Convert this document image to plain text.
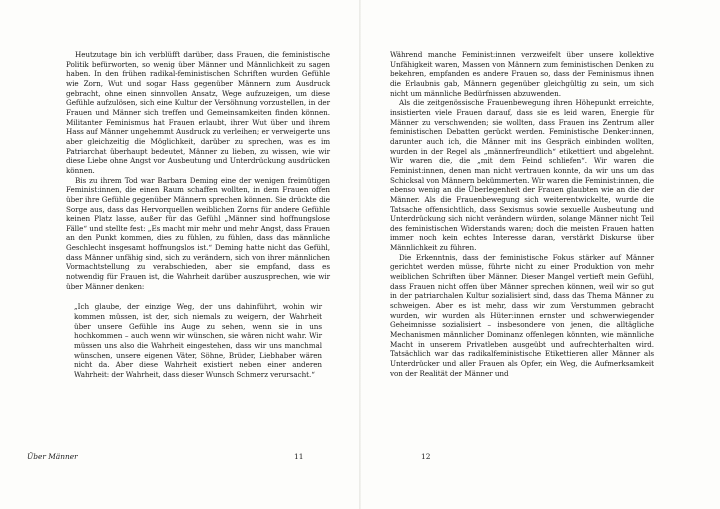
Heutzutage bin ich verblüfft darüber, dass Frauen, die feministische Politik befürworten, so wenig über Männer und Männlichkeit zu sagen haben. In den frühen radikal-feministischen Schriften wurden Gefühle wie Zorn, Wut und sogar Hass gegenüber Männern zum Ausdruck gebracht, ohne einen sinnvollen Ansatz, Wege aufzuzeigen, um diese Gefühle aufzulösen, sich eine Kultur der Versöhnung vorzustellen, in der Frauen und Männer sich treffen und Gemeinsamkeiten finden können. Militanter Feminismus hat Frauen erlaubt, ihrer Wut über und ihrem Hass auf Männer ungehemmt Ausdruck zu verleihen; er verweigerte uns aber gleichzeitig die Möglichkeit, darüber zu sprechen, was es im Patriarchat überhaupt bedeutet, Männer zu lieben, zu wissen, wie wir diese Liebe ohne Angst vor Ausbeutung und Unterdrückung ausdrücken können.

Bis zu ihrem Tod war Barbara Deming eine der wenigen freimütigen Feminist:innen, die einen Raum schaffen wollten, in dem Frauen offen über ihre Gefühle gegenüber Männern sprechen können. Sie drückte die Sorge aus, dass das Hervorquellen weiblichen Zorns für andere Gefühle keinen Platz lasse, außer für das Gefühl „Männer sind hoffnungslose Fälle“ und stellte fest: „Es macht mir mehr und mehr Angst, dass Frauen an den Punkt kommen, dies zu fühlen, zu fühlen, dass das männliche Geschlecht insgesamt hoffnungslos ist.“ Deming hatte nicht das Gefühl, dass Männer unfähig sind, sich zu verändern, sich von ihrer männlichen Vormachtstellung zu verabschieden, aber sie empfand, dass es notwendig für Frauen ist, die Wahrheit darüber auszusprechen, wie wir über Männer denken:

„Ich glaube, der einzige Weg, der uns dahinführt, wohin wir kommen müssen, ist der, sich niemals zu weigern, der Wahrheit über unsere Gefühle ins Auge zu sehen, wenn sie in uns hochkommen – auch wenn wir wünschen, sie wären nicht wahr. Wir müssen uns also die Wahrheit eingestehen, dass wir uns manchmal wünschen, unsere eigenen Väter, Söhne, Brüder, Liebhaber wären nicht da. Aber diese Wahrheit existiert neben einer anderen Wahrheit: der Wahrheit, dass dieser Wunsch Schmerz verursacht.“

Über Männer	11

Während manche Feminist:innen verzweifelt über unsere kollektive Unfähigkeit waren, Massen von Männern zum feministischen Denken zu bekehren, empfanden es andere Frauen so, dass der Feminismus ihnen die Erlaubnis gab, Männern gegenüber gleichgültig zu sein, um sich nicht um männliche Bedürfnissen abzuwenden.

Als die zeitgenössische Frauenbewegung ihren Höhepunkt erreichte, insistierten viele Frauen darauf, dass sie es leid waren, Energie für Männer zu verschwenden; sie wollten, dass Frauen ins Zentrum aller feministischen Debatten gerückt werden. Feministische Denker:innen, darunter auch ich, die Männer mit ins Gespräch einbinden wollten, wurden in der Regel als „männerfreundlich“ etikettiert und abgelehnt. Wir waren die, die „mit dem Feind schliefen“. Wir waren die Feminist:innen, denen man nicht vertrauen konnte, da wir uns um das Schicksal von Männern bekümmerten. Wir waren die Feminist:innen, die ebenso wenig an die Überlegenheit der Frauen glaubten wie an die der Männer. Als die Frauenbewegung sich weiterentwickelte, wurde die Tatsache offensichtlich, dass Sexismus sowie sexuelle Ausbeutung und Unterdrückung sich nicht verändern würden, solange Männer nicht Teil des feministischen Widerstands waren; doch die meisten Frauen hatten immer noch kein echtes Interesse daran, verstärkt Diskurse über Männlichkeit zu führen.

Die Erkenntnis, dass der feministische Fokus stärker auf Männer gerichtet werden müsse, führte nicht zu einer Produktion von mehr weiblichen Schriften über Männer. Dieser Mangel vertieft mein Gefühl, dass Frauen nicht offen über Männer sprechen können, weil wir so gut in der patriarchalen Kultur sozialisiert sind, dass das Thema Männer zu schweigen. Aber es ist mehr, dass wir zum Verstummen gebracht wurden, wir wurden als Hüter:innen ernster und schwerwiegender Geheimnisse sozialisiert – insbesondere von jenen, die alltägliche Mechanismen männlicher Dominanz offenlegen könnten, wie männliche Macht in unserem Privatleben ausgeübt und aufrechterhalten wird. Tatsächlich war das radikalfeministische Etikettieren aller Männer als Unterdrücker und aller Frauen als Opfer, ein Weg, die Aufmerksamkeit von der Realität der Männer und

12
